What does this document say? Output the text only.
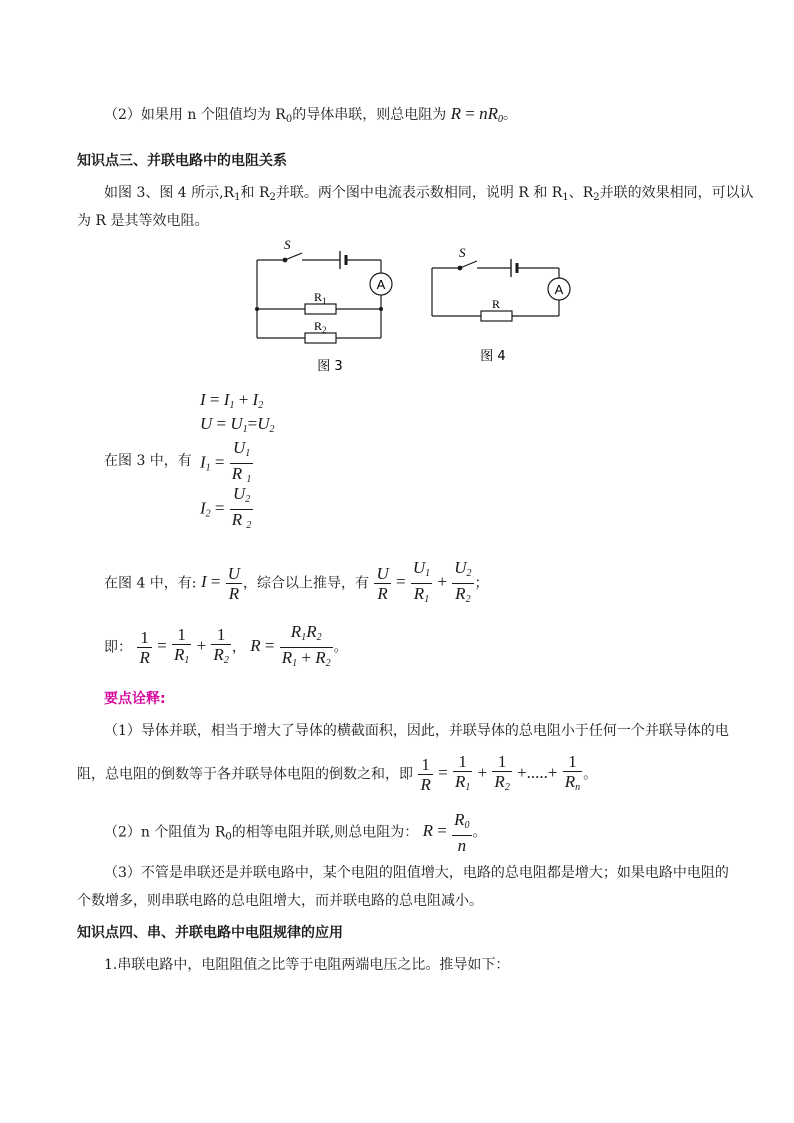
（2）如果用 n 个阻值均为 $R_0$的导体串联，则总电阻为 $R = nR_0$。
知识点三、并联电路中的电阻关系
如图 3、图 4 所示$,R_1$和 $R_2$并联。两个图中电流表示数相同，说明 R 和 $R_1$、$R_2$并联的效果相同，可以认
为 R 是其等效电阻。
S
A
$R_1$
$R_2$
图 3
S
A
R
图 4
在图 3 中，有
$I = I_1 + I_2$
$U = U_1=U_2$
$I_1 = \frac{U_1}{R _1}$
$I_2 = \frac{U_2}{R _2}$
在图 4 中，有: $I = \frac{U}{R}$ ，综合以上推导，有 $\frac{U}{R} = \frac{U_1}{R_1} + \frac{U_2}{R_2}$ ；
即： $\frac{1}{R} = \frac{1}{R_1} + \frac{1}{R_2}$ ， $R = \frac{R_1R_2}{R_1 + R_2}$ 。
要点诠释:
（1）导体并联，相当于增大了导体的横截面积，因此，并联导体的总电阻小于任何一个并联导体的电
阻，总电阻的倒数等于各并联导体电阻的倒数之和，即 $\frac{1}{R} = \frac{1}{R_1} + \frac{1}{R_2}$ +.....+ $\frac{1}{R_n}$ 。
（2）n 个阻值为 $R_0$的相等电阻并联,则总电阻为： $R = \frac{R_0}{n}$ 。
（3）不管是串联还是并联电路中，某个电阻的阻值增大，电路的总电阻都是增大；如果电路中电阻的
个数增多，则串联电路的总电阻增大，而并联电路的总电阻减小。
知识点四、串、并联电路中电阻规律的应用
1.串联电路中，电阻阻值之比等于电阻两端电压之比。推导如下：
